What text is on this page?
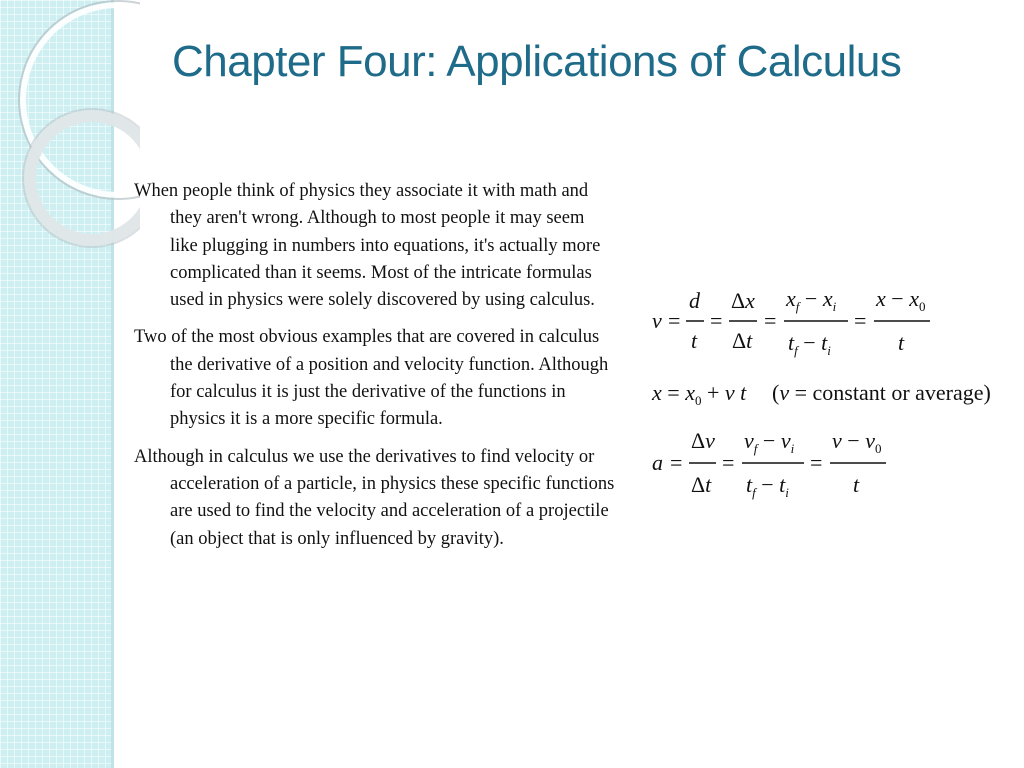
Chapter Four: Applications of Calculus

When people think of physics they associate it with math and they aren't wrong. Although to most people it may seem like plugging in numbers into equations, it's actually more complicated than it seems. Most of the intricate formulas used in physics were solely discovered by using calculus.

Two of the most obvious examples that are covered in calculus the derivative of a position and velocity function. Although for calculus it is just the derivative of the functions in physics it is a more specific formula.

Although in calculus we use the derivatives to find velocity or acceleration of a particle, in physics these specific functions are used to find the velocity and acceleration of a projectile (an object that is only influenced by gravity).

v =
d
t
=
Δx
Δt
=
$x_f - x_i$
$t_f - t_i$
=
$x - x_0$
t
$x = x_0 + v$ t (v = constant or average)
a =
Δv
Δt
=
$v_f - v_i$
$t_f - t_i$
=
$v - v_0$
t
